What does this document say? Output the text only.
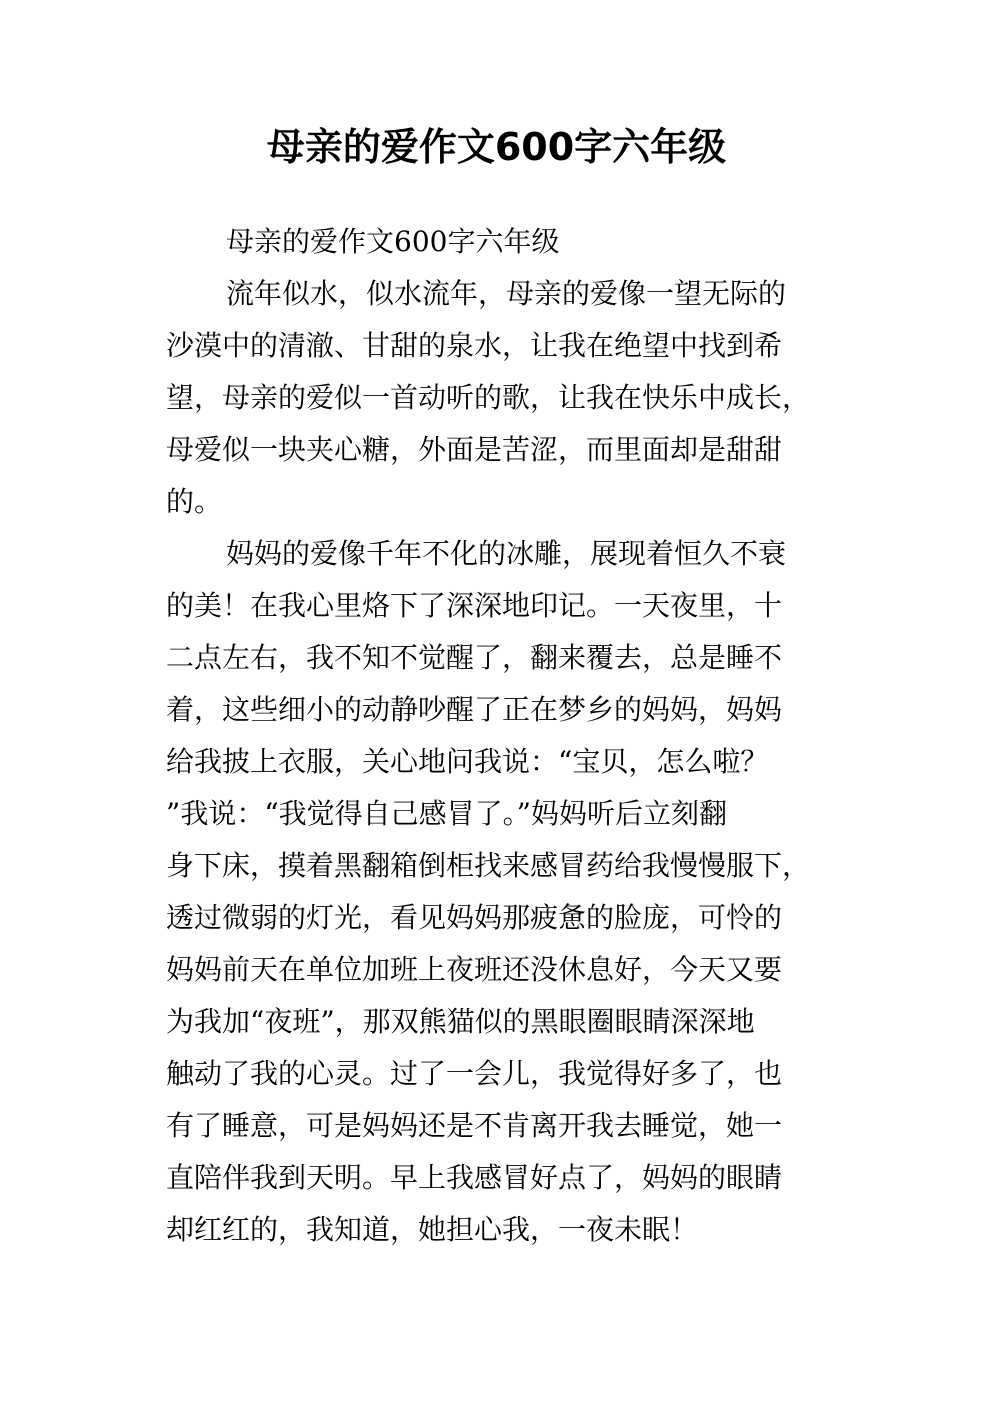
母亲的爱作文600字六年级
母亲的爱作文600字六年级
流年似水，似水流年，母亲的爱像一望无际的
沙漠中的清澈、甘甜的泉水，让我在绝望中找到希
望，母亲的爱似一首动听的歌，让我在快乐中成长，
母爱似一块夹心糖，外面是苦涩，而里面却是甜甜
的。
妈妈的爱像千年不化的冰雕，展现着恒久不衰
的美！在我心里烙下了深深地印记。一天夜里，十
二点左右，我不知不觉醒了，翻来覆去，总是睡不
着，这些细小的动静吵醒了正在梦乡的妈妈，妈妈
给我披上衣服，关心地问我说：“宝贝，怎么啦？
”我说：“我觉得自己感冒了。”妈妈听后立刻翻
身下床，摸着黑翻箱倒柜找来感冒药给我慢慢服下，
透过微弱的灯光，看见妈妈那疲惫的脸庞，可怜的
妈妈前天在单位加班上夜班还没休息好，今天又要
为我加“夜班”，那双熊猫似的黑眼圈眼睛深深地
触动了我的心灵。过了一会儿，我觉得好多了，也
有了睡意，可是妈妈还是不肯离开我去睡觉，她一
直陪伴我到天明。早上我感冒好点了，妈妈的眼睛
却红红的，我知道，她担心我，一夜未眠！
